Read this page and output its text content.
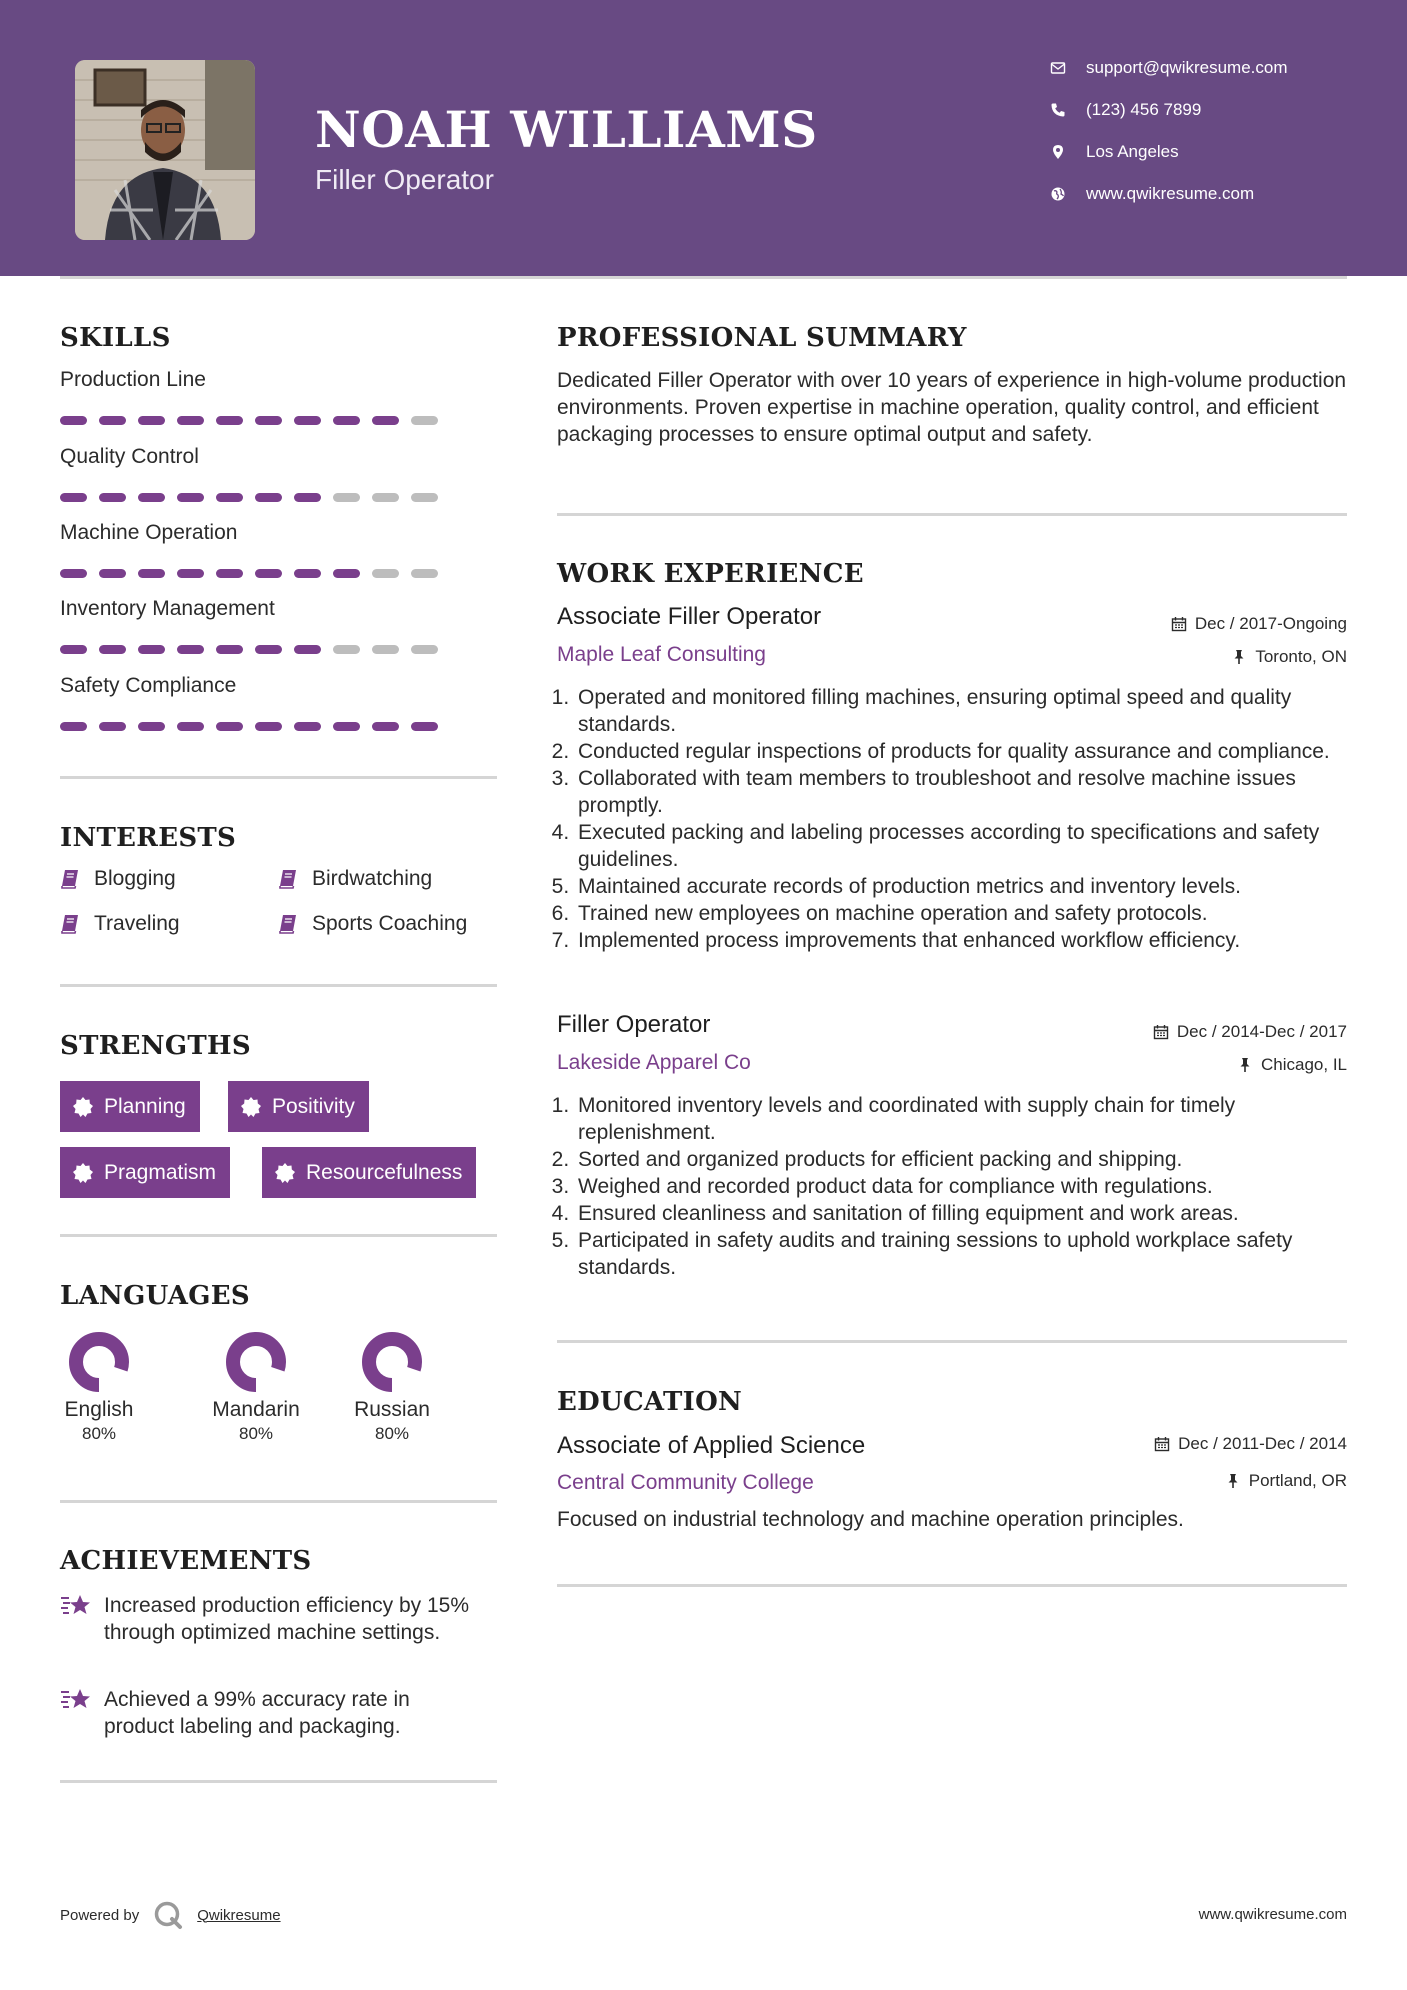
NOAH WILLIAMS
Filler Operator
support@qwikresume.com
(123) 456 7899
Los Angeles
www.qwikresume.com
SKILLS
Production Line
Quality Control
Machine Operation
Inventory Management
Safety Compliance
INTERESTS
Blogging	Birdwatching
Traveling	Sports Coaching
STRENGTHS
Planning	Positivity
Pragmatism	Resourcefulness
LANGUAGES
English
80%
Mandarin
80%
Russian
80%
ACHIEVEMENTS
Increased production efficiency by 15% through optimized machine settings.
Achieved a 99% accuracy rate in product labeling and packaging.
PROFESSIONAL SUMMARY
Dedicated Filler Operator with over 10 years of experience in high-volume production environments. Proven expertise in machine operation, quality control, and efficient packaging processes to ensure optimal output and safety.
WORK EXPERIENCE
Associate Filler Operator	Dec / 2017-Ongoing
Maple Leaf Consulting	Toronto, ON
1. Operated and monitored filling machines, ensuring optimal speed and quality standards.
2. Conducted regular inspections of products for quality assurance and compliance.
3. Collaborated with team members to troubleshoot and resolve machine issues promptly.
4. Executed packing and labeling processes according to specifications and safety guidelines.
5. Maintained accurate records of production metrics and inventory levels.
6. Trained new employees on machine operation and safety protocols.
7. Implemented process improvements that enhanced workflow efficiency.
Filler Operator	Dec / 2014-Dec / 2017
Lakeside Apparel Co	Chicago, IL
1. Monitored inventory levels and coordinated with supply chain for timely replenishment.
2. Sorted and organized products for efficient packing and shipping.
3. Weighed and recorded product data for compliance with regulations.
4. Ensured cleanliness and sanitation of filling equipment and work areas.
5. Participated in safety audits and training sessions to uphold workplace safety standards.
EDUCATION
Associate of Applied Science	Dec / 2011-Dec / 2014
Central Community College	Portland, OR
Focused on industrial technology and machine operation principles.
Powered by	Qwikresume	www.qwikresume.com
